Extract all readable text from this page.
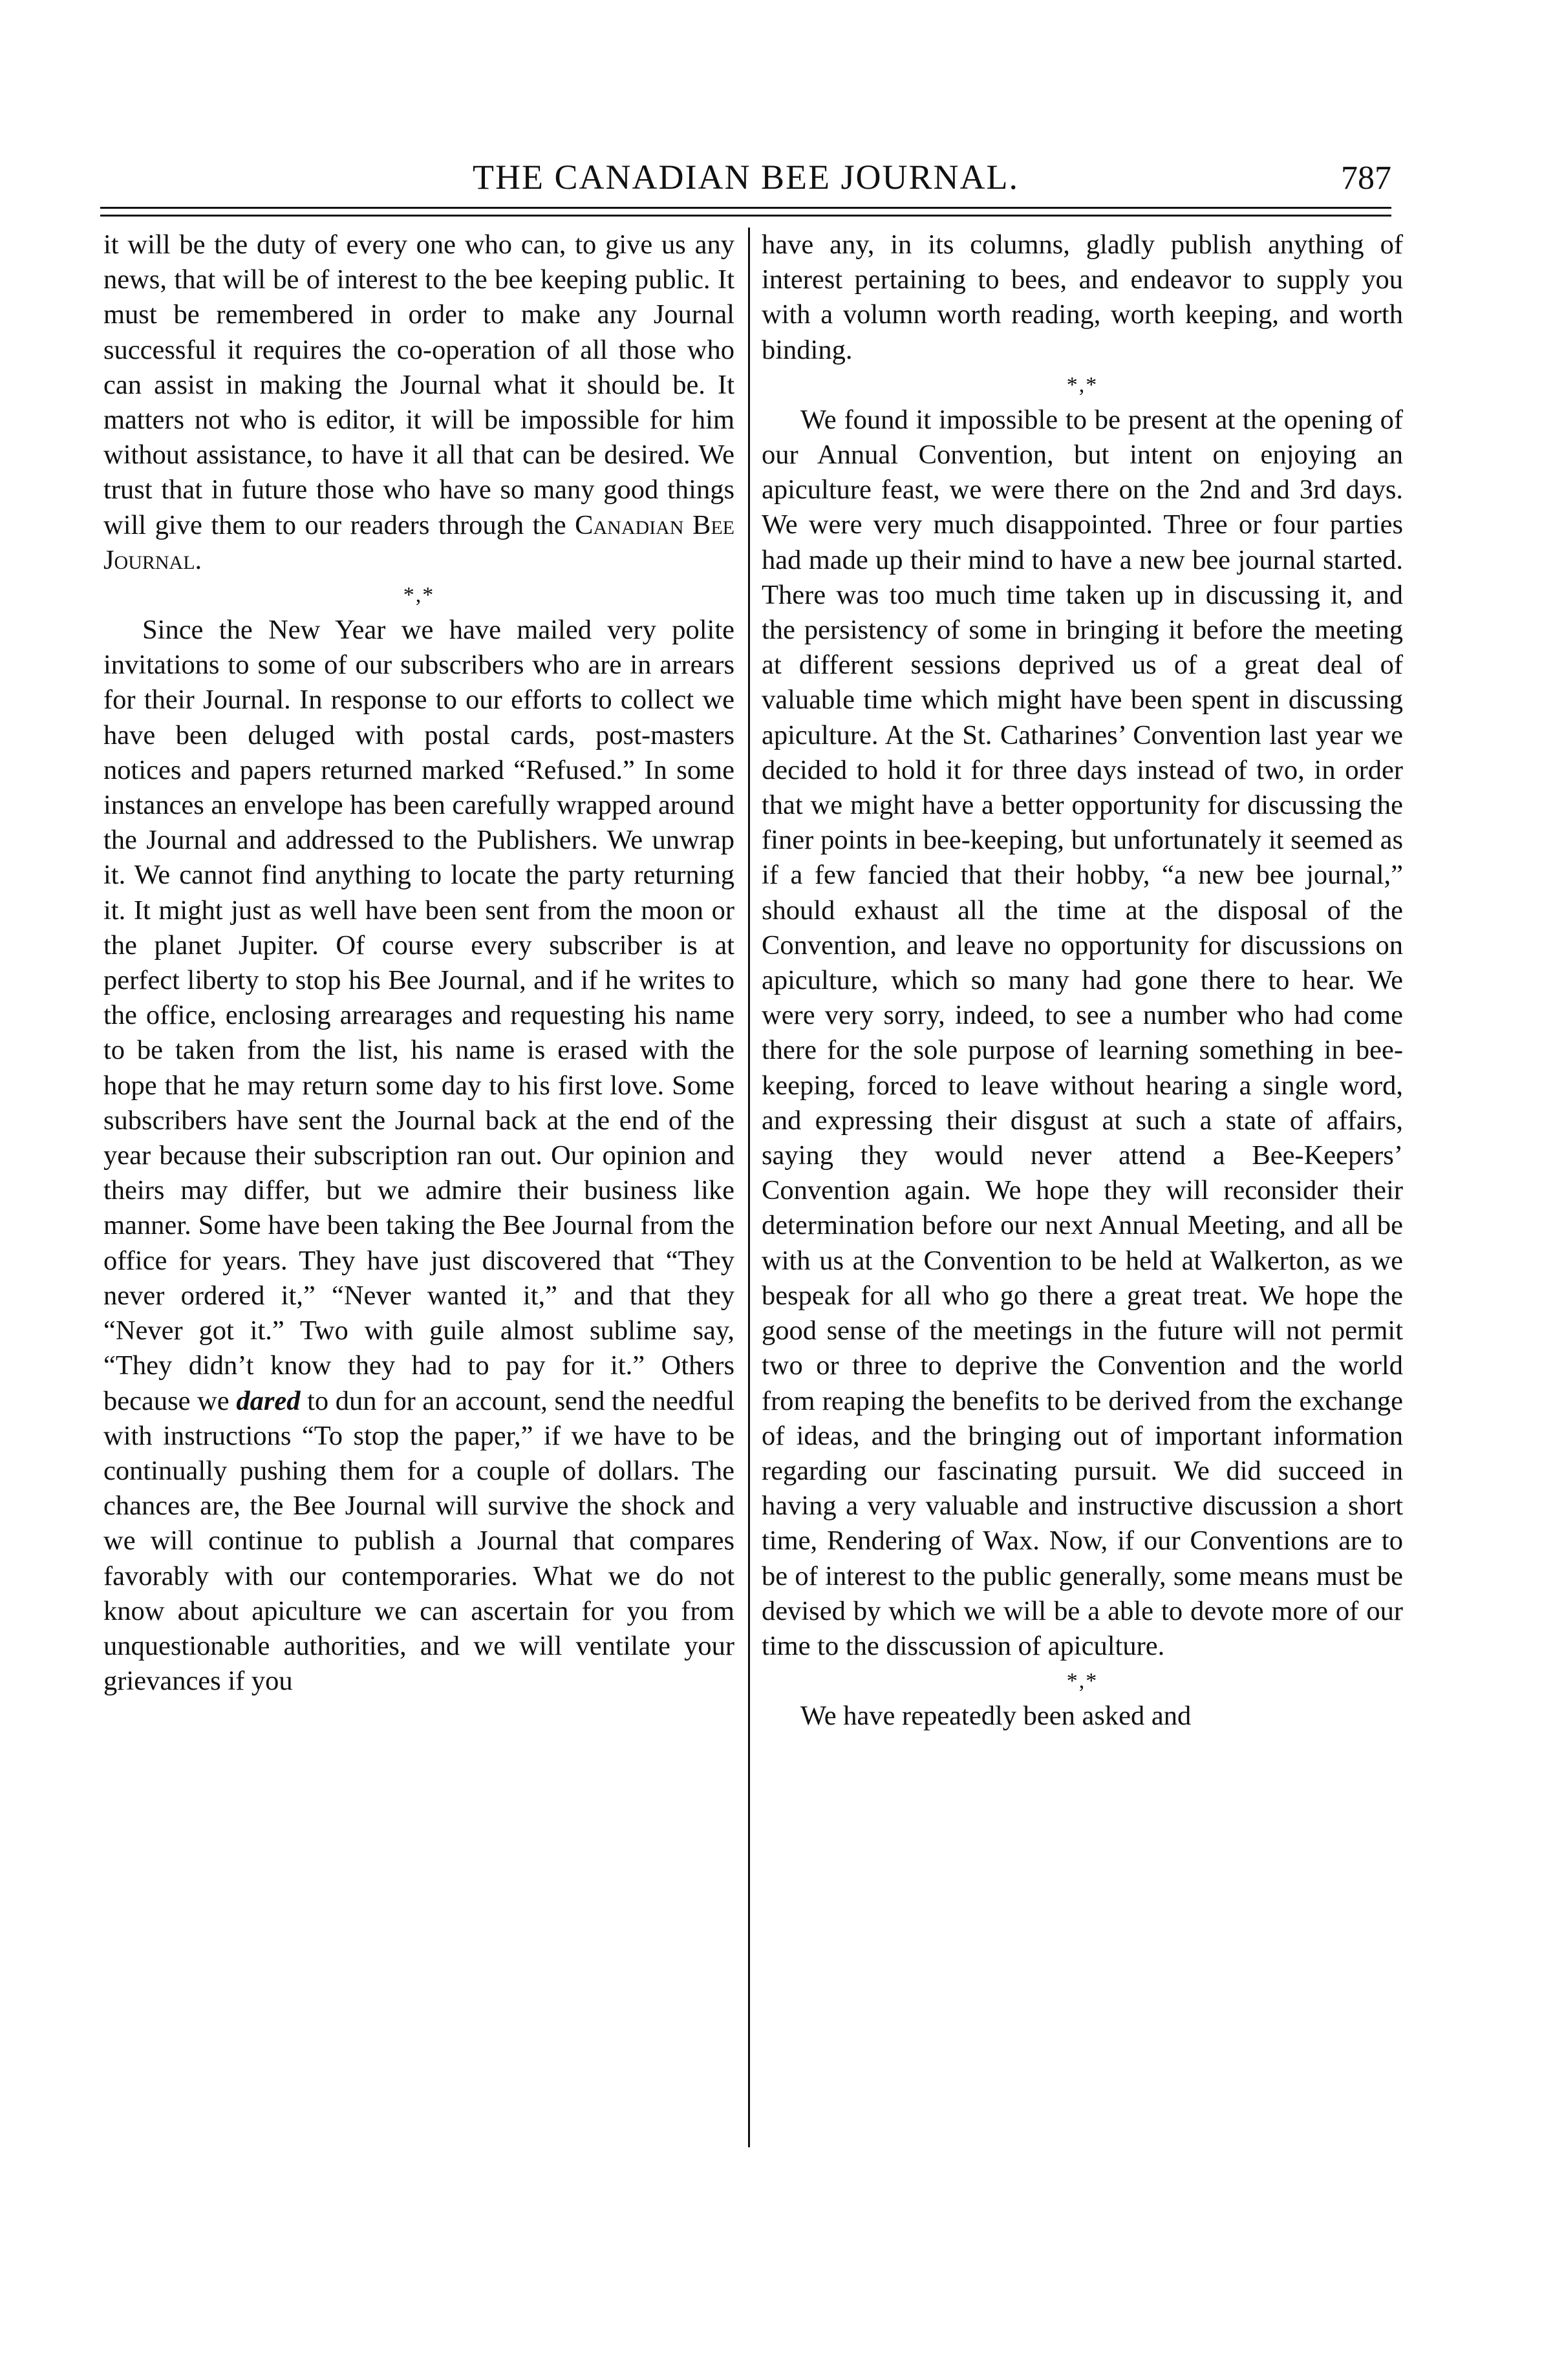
THE CANADIAN BEE JOURNAL.	787

it will be the duty of every one who can, to give us any news, that will be of interest to the bee keeping public. It must be remembered in order to make any Journal successful it requires the co-operation of all those who can assist in making the Journal what it should be. It matters not who is editor, it will be impossible for him without assistance, to have it all that can be desired. We trust that in future those who have so many good things will give them to our readers through the Canadian Bee Journal.

*,*

Since the New Year we have mailed very polite invitations to some of our subscribers who are in arrears for their Journal. In response to our efforts to collect we have been deluged with postal cards, post-masters notices and papers returned marked “Refused.” In some instances an envelope has been carefully wrapped around the Journal and addressed to the Publishers. We unwrap it. We cannot find anything to locate the party returning it. It might just as well have been sent from the moon or the planet Jupiter. Of course every subscriber is at perfect liberty to stop his Bee Journal, and if he writes to the office, enclosing arrearages and requesting his name to be taken from the list, his name is erased with the hope that he may return some day to his first love. Some subscribers have sent the Journal back at the end of the year because their subscription ran out. Our opinion and theirs may differ, but we admire their business like manner. Some have been taking the Bee Journal from the office for years. They have just discovered that “They never ordered it,” “Never wanted it,” and that they “Never got it.” Two with guile almost sublime say, “They didn’t know they had to pay for it.” Others because we dared to dun for an account, send the needful with instructions “To stop the paper,” if we have to be continually pushing them for a couple of dollars. The chances are, the Bee Journal will survive the shock and we will continue to publish a Journal that compares favorably with our contemporaries. What we do not know about apiculture we can ascertain for you from unquestionable authorities, and we will ventilate your grievances if you

have any, in its columns, gladly publish anything of interest pertaining to bees, and endeavor to supply you with a volumn worth reading, worth keeping, and worth binding.

*,*

We found it impossible to be present at the opening of our Annual Convention, but intent on enjoying an apiculture feast, we were there on the 2nd and 3rd days. We were very much disappointed. Three or four parties had made up their mind to have a new bee journal started. There was too much time taken up in discussing it, and the persistency of some in bringing it before the meeting at different sessions deprived us of a great deal of valuable time which might have been spent in discussing apiculture. At the St. Catharines’ Convention last year we decided to hold it for three days instead of two, in order that we might have a better opportunity for discussing the finer points in bee-keeping, but unfortunately it seemed as if a few fancied that their hobby, “a new bee journal,” should exhaust all the time at the disposal of the Convention, and leave no opportunity for discussions on apiculture, which so many had gone there to hear. We were very sorry, indeed, to see a number who had come there for the sole purpose of learning something in bee-keeping, forced to leave without hearing a single word, and expressing their disgust at such a state of affairs, saying they would never attend a Bee-Keepers’ Convention again. We hope they will reconsider their determination before our next Annual Meeting, and all be with us at the Convention to be held at Walkerton, as we bespeak for all who go there a great treat. We hope the good sense of the meetings in the future will not permit two or three to deprive the Convention and the world from reaping the benefits to be derived from the exchange of ideas, and the bringing out of important information regarding our fascinating pursuit. We did succeed in having a very valuable and instructive discussion a short time, Rendering of Wax. Now, if our Conventions are to be of interest to the public generally, some means must be devised by which we will be a able to devote more of our time to the disscussion of apiculture.

*,*

We have repeatedly been asked and
